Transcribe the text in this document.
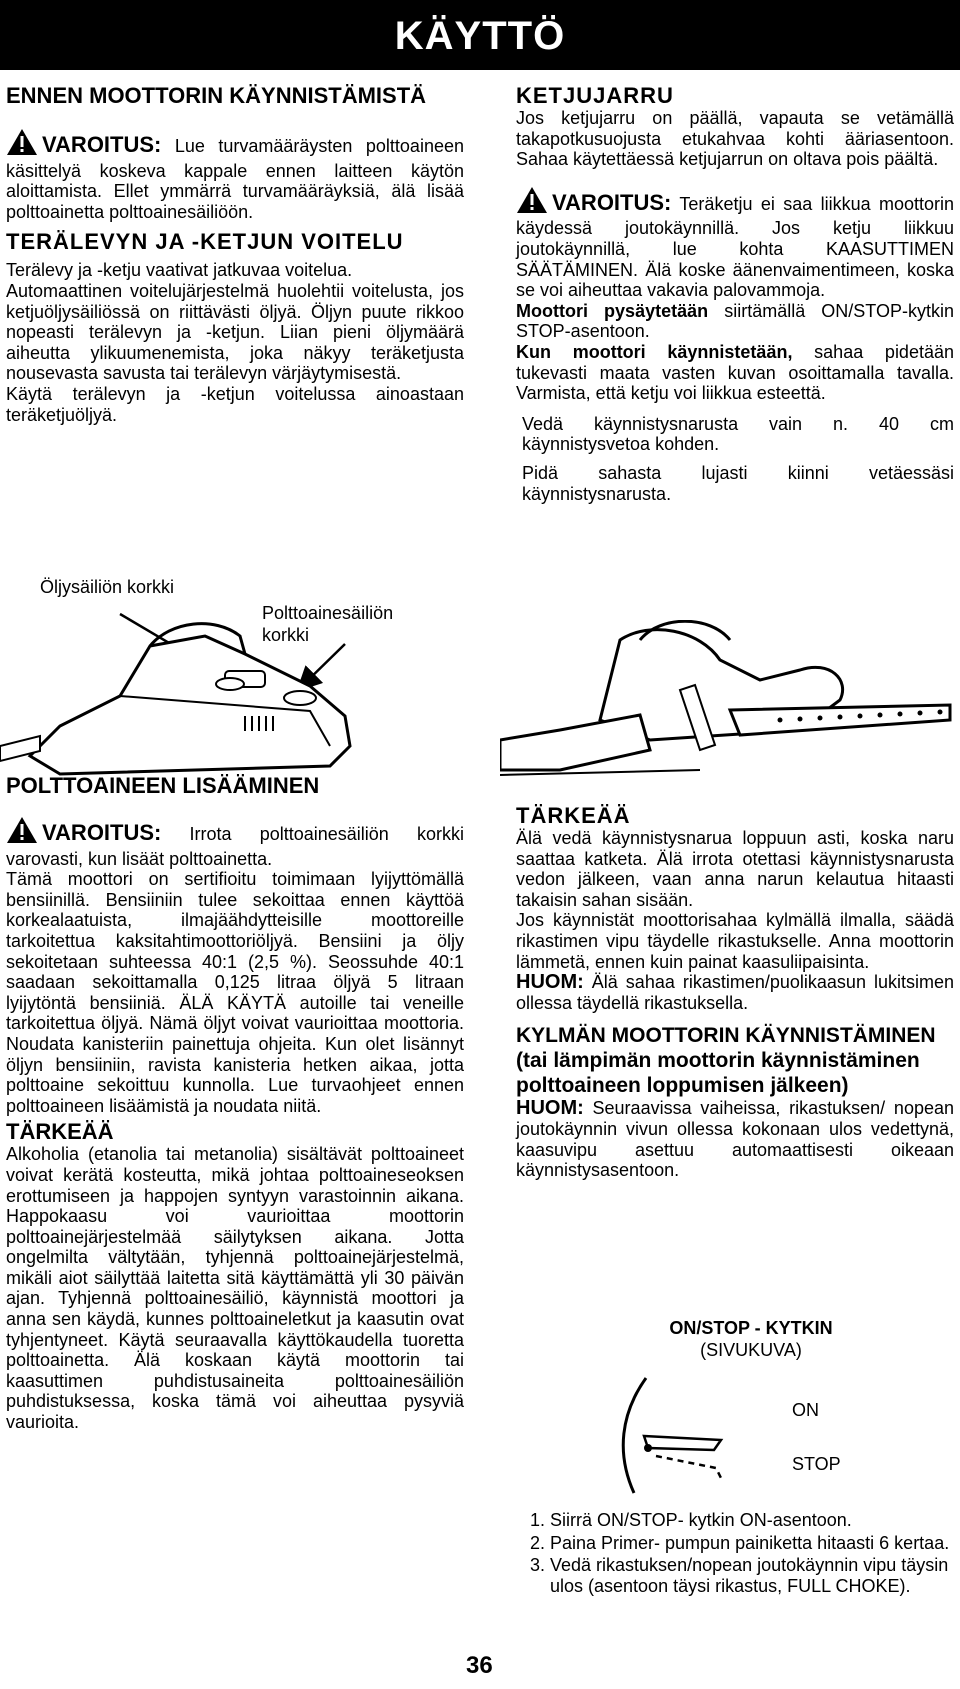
KÄYTTÖ
ENNEN MOOTTORIN KÄYNNISTÄMISTÄ
VAROITUS: Lue turvamääräysten polttoaineen käsittelyä koskeva kappale ennen laitteen käytön aloittamista. Ellet ymmärrä turvamääräyksiä, älä lisää polttoainetta polttoainesäiliöön.
TERÄLEVYN JA -KETJUN VOITELU

Terälevy ja -ketju vaativat jatkuvaa voitelua.

Automaattinen voitelujärjestelmä huolehtii voitelusta, jos ketjuöljysäiliössä on riittävästi öljyä. Öljyn puute rikkoo nopeasti terälevyn ja -ketjun. Liian pieni öljymäärä aiheutta ylikuumenemista, joka näkyy teräketjusta nousevasta savusta tai terälevyn värjäytymisestä.

Käytä terälevyn ja -ketjun voitelussa ainoastaan teräketjuöljyä.

Öljysäiliön korkki
Polttoainesäiliön korkki
POLTTOAINEEN LISÄÄMINEN
VAROITUS: Irrota polttoainesäiliön korkki varovasti, kun lisäät polttoainetta.

Tämä moottori on sertifioitu toimimaan lyijyttömällä bensiinillä. Bensiiniin tulee sekoittaa ennen käyttöä korkealaatuista, ilmajäähdytteisille moottoreille tarkoitettua kaksitahtimoottoriöljyä. Bensiini ja öljy sekoitetaan suhteessa 40:1 (2,5 %). Seossuhde 40:1 saadaan sekoittamalla 0,125 litraa öljyä 5 litraan lyijytöntä bensiiniä. ÄLÄ KÄYTÄ autoille tai veneille tarkoitettua öljyä. Nämä öljyt voivat vaurioittaa moottoria. Noudata kanisteriin painettuja ohjeita. Kun olet lisännyt öljyn bensiiniin, ravista kanisteria hetken aikaa, jotta polttoaine sekoittuu kunnolla. Lue turvaohjeet ennen polttoaineen lisäämistä ja noudata niitä.

TÄRKEÄÄ

Alkoholia (etanolia tai metanolia) sisältävät polttoaineet voivat kerätä kosteutta, mikä johtaa polttoaineseoksen erottumiseen ja happojen syntyyn varastoinnin aikana. Happokaasu voi vaurioittaa moottorin polttoainejärjestelmää säilytyksen aikana. Jotta ongelmilta vältytään, tyhjennä polttoainejärjestelmä, mikäli aiot säilyttää laitetta sitä käyttämättä yli 30 päivän ajan. Tyhjennä polttoainesäiliö, käynnistä moottori ja anna sen käydä, kunnes polttoaineletkut ja kaasutin ovat tyhjentyneet. Käytä seuraavalla käyttökaudella tuoretta polttoainetta. Älä koskaan käytä moottorin tai kaasuttimen puhdistusaineita polttoainesäiliön puhdistuksessa, koska tämä voi aiheuttaa pysyviä vaurioita.

KETJUJARRU

Jos ketjujarru on päällä, vapauta se vetämällä takapotkusuojusta etukahvaa kohti ääriasentoon. Sahaa käytettäessä ketjujarrun on oltava pois päältä.

VAROITUS: Teräketju ei saa liikkua moottorin käydessä joutokäynnillä. Jos ketju liikkuu joutokäynnillä, lue kohta KAASUTTIMEN SÄÄTÄMINEN. Älä koske äänenvaimentimeen, koska se voi aiheuttaa vakavia palovammoja.

Moottori pysäytetään siirtämällä ON/STOP-kytkin STOP-asentoon.

Kun moottori käynnistetään, sahaa pidetään tukevasti maata vasten kuvan osoittamalla tavalla. Varmista, että ketju voi liikkua esteettä.

Vedä käynnistysnarusta vain n. 40 cm käynnistysvetoa kohden.

Pidä sahasta lujasti kiinni vetäessäsi käynnistysnarusta.

TÄRKEÄÄ

Älä vedä käynnistysnarua loppuun asti, koska naru saattaa katketa. Älä irrota otettasi käynnistysnarusta vedon jälkeen, vaan anna narun kelautua hitaasti takaisin sahan sisään.

Jos käynnistät moottorisahaa kylmällä ilmalla, säädä rikastimen vipu täydelle rikastukselle. Anna moottorin lämmetä, ennen kuin painat kaasuliipaisinta.

HUOM: Älä sahaa rikastimen/puolikaasun lukitsimen ollessa täydellä rikastuksella.

KYLMÄN MOOTTORIN KÄYNNISTÄMINEN (tai lämpimän moottorin käynnistäminen polttoaineen loppumisen jälkeen)

HUOM: Seuraavissa vaiheissa, rikastuksen/ nopean joutokäynnin vivun ollessa kokonaan ulos vedettynä, kaasuvipu asettuu automaattisesti oikeaan käynnistysasentoon.

ON/STOP - KYTKIN
(SIVUKUVA)
ON
STOP
1. Siirrä ON/STOP- kytkin ON-asentoon.
2. Paina Primer- pumpun painiketta hitaasti 6 kertaa.
3. Vedä rikastuksen/nopean joutokäynnin vipu täysin ulos (asentoon täysi rikastus, FULL CHOKE).
36
